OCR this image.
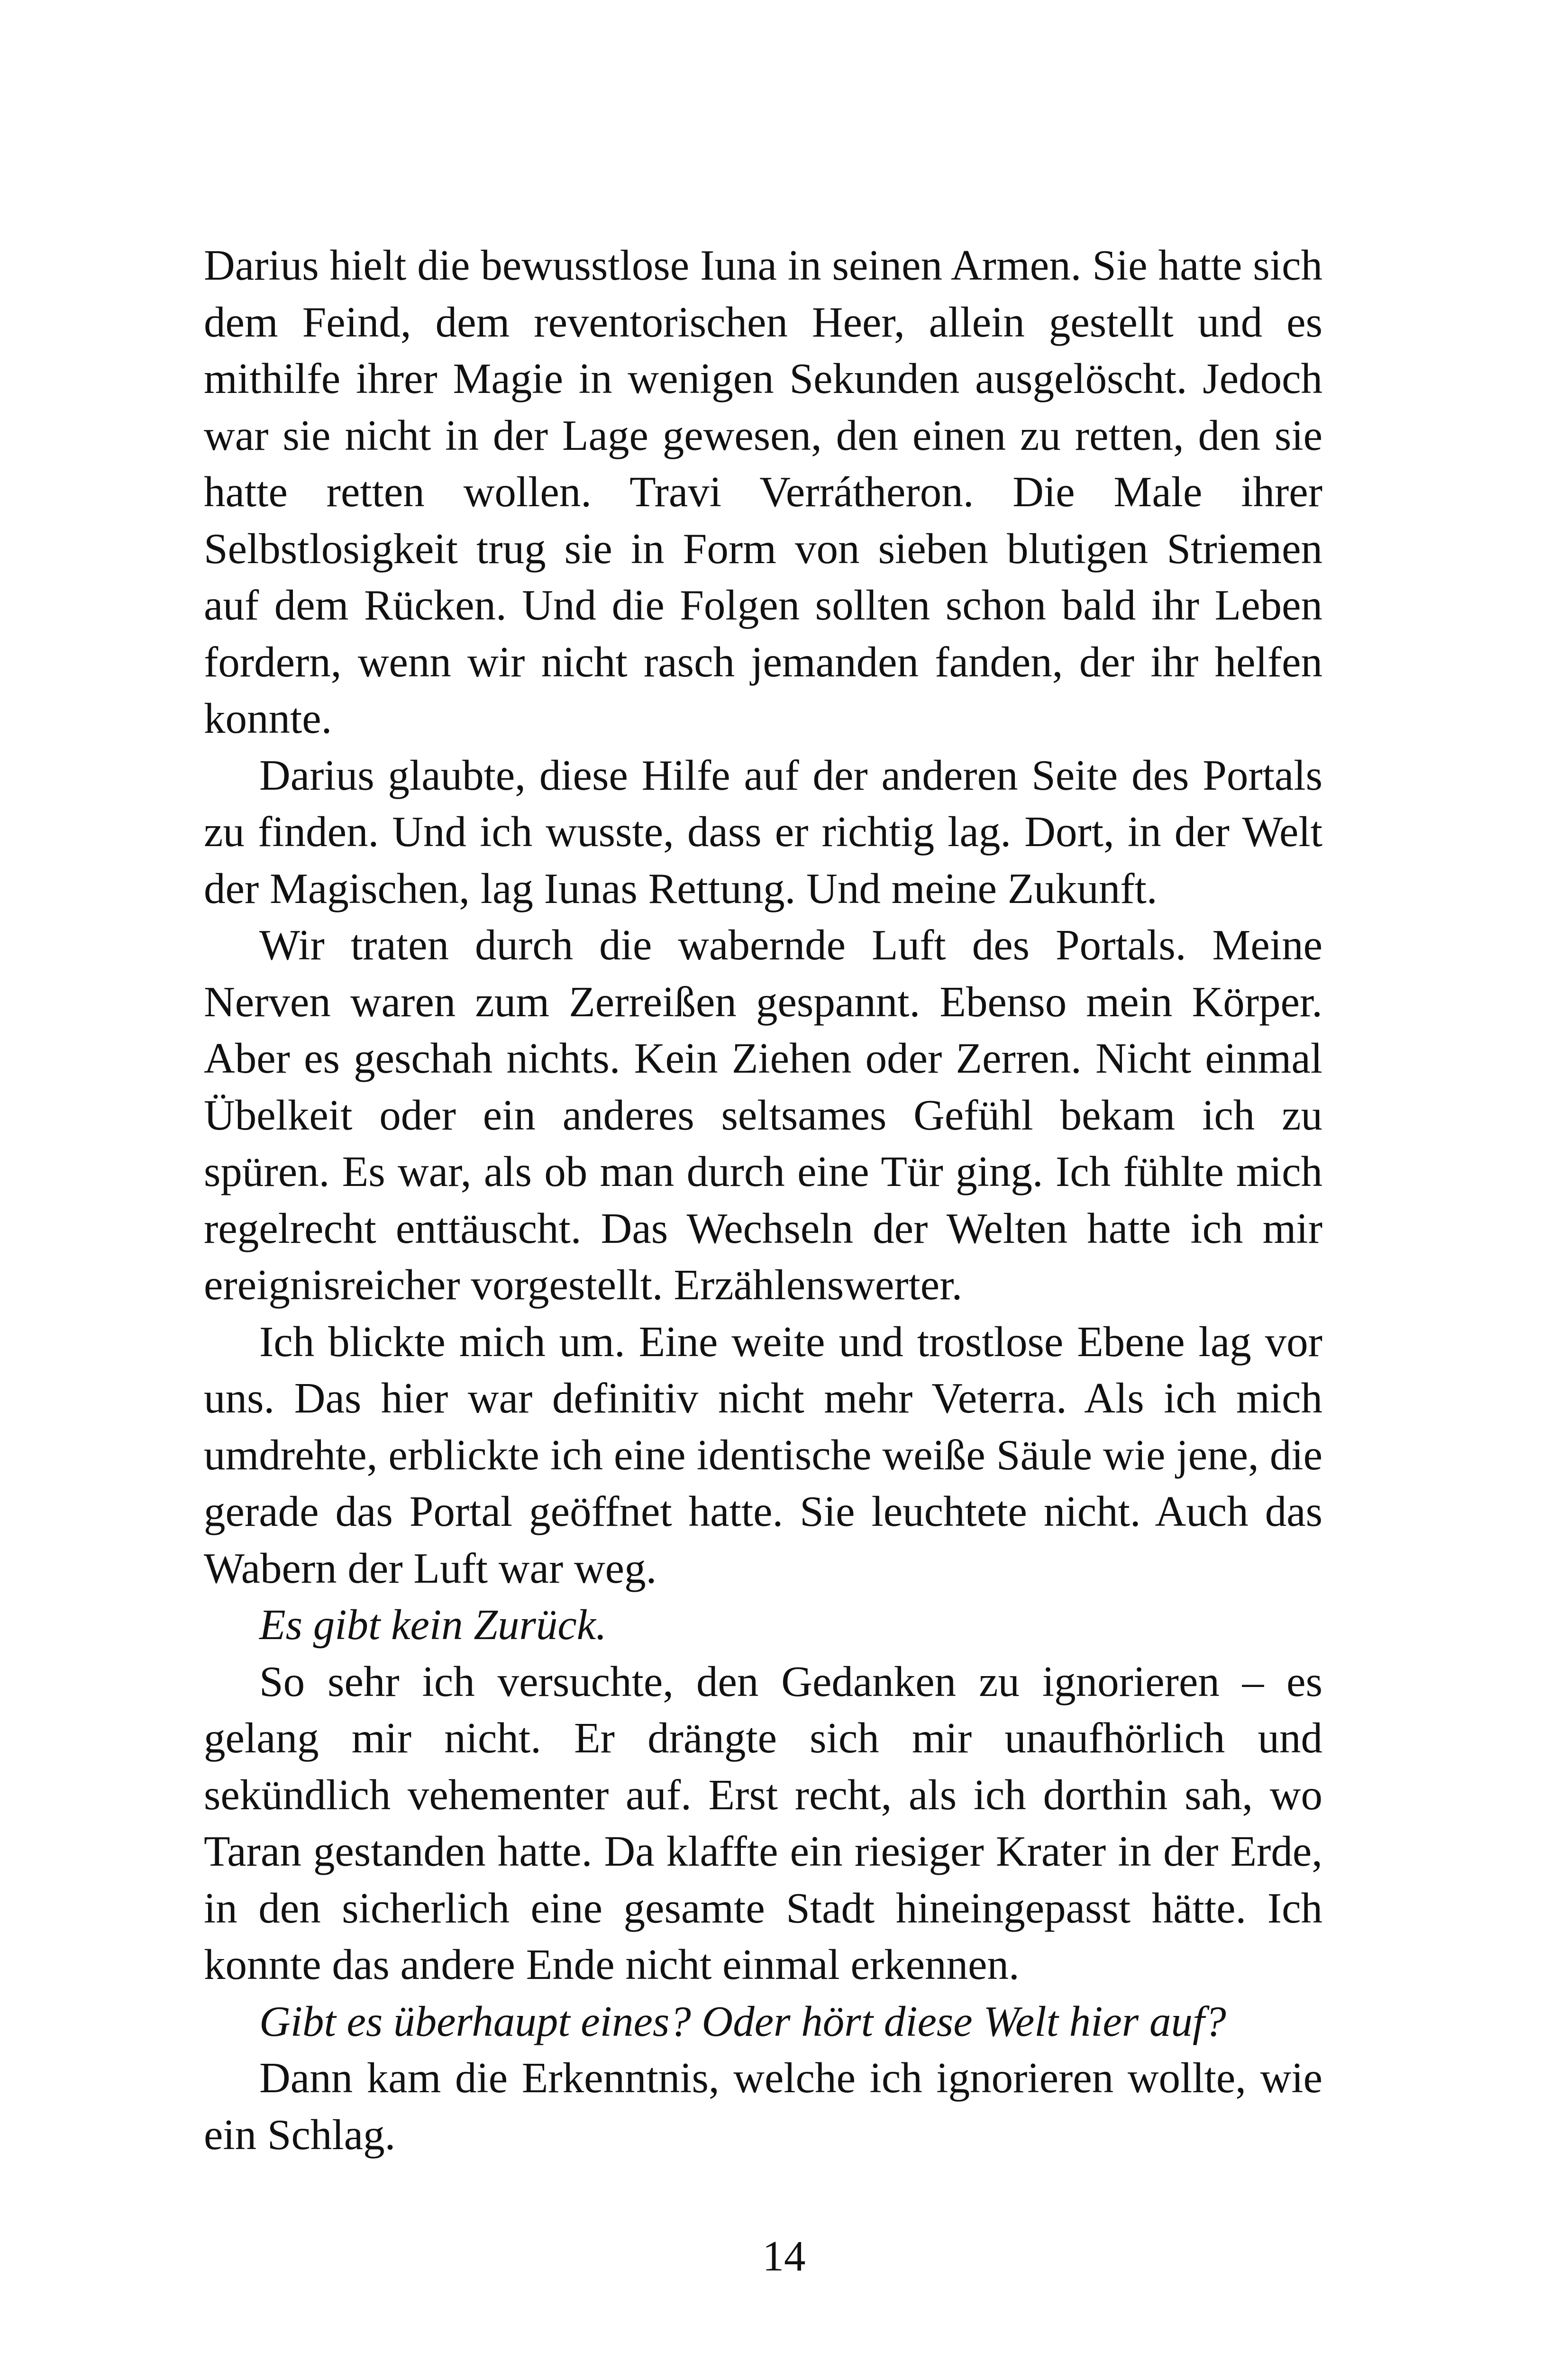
Darius hielt die bewusstlose Iuna in seinen Armen. Sie hatte sich dem Feind, dem reventorischen Heer, allein gestellt und es mithilfe ihrer Magie in wenigen Sekunden ausgelöscht. Jedoch war sie nicht in der Lage gewesen, den einen zu retten, den sie hatte retten wollen. Travi Verrátheron. Die Male ihrer Selbstlosigkeit trug sie in Form von sieben blutigen Striemen auf dem Rücken. Und die Folgen sollten schon bald ihr Leben fordern, wenn wir nicht rasch jemanden fanden, der ihr helfen konnte.

Darius glaubte, diese Hilfe auf der anderen Seite des Portals zu finden. Und ich wusste, dass er richtig lag. Dort, in der Welt der Magischen, lag Iunas Rettung. Und meine Zukunft.

Wir traten durch die wabernde Luft des Portals. Meine Nerven waren zum Zerreißen gespannt. Ebenso mein Körper. Aber es geschah nichts. Kein Ziehen oder Zerren. Nicht einmal Übelkeit oder ein anderes seltsames Gefühl bekam ich zu spüren. Es war, als ob man durch eine Tür ging. Ich fühlte mich regelrecht enttäuscht. Das Wechseln der Welten hatte ich mir ereignisreicher vorgestellt. Erzählenswerter.

Ich blickte mich um. Eine weite und trostlose Ebene lag vor uns. Das hier war definitiv nicht mehr Veterra. Als ich mich umdrehte, erblickte ich eine identische weiße Säule wie jene, die gerade das Portal geöffnet hatte. Sie leuchtete nicht. Auch das Wabern der Luft war weg.

Es gibt kein Zurück.

So sehr ich versuchte, den Gedanken zu ignorieren – es gelang mir nicht. Er drängte sich mir unaufhörlich und sekündlich vehementer auf. Erst recht, als ich dorthin sah, wo Taran gestanden hatte. Da klaffte ein riesiger Krater in der Erde, in den sicherlich eine gesamte Stadt hineingepasst hätte. Ich konnte das andere Ende nicht einmal erkennen.

Gibt es überhaupt eines? Oder hört diese Welt hier auf?

Dann kam die Erkenntnis, welche ich ignorieren wollte, wie ein Schlag.

14
